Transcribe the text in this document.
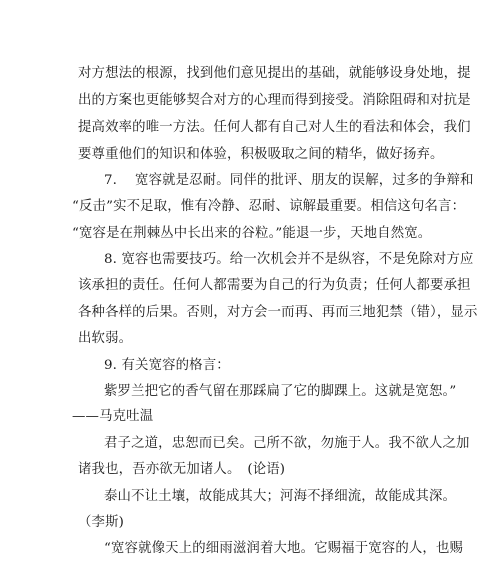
对方想法的根源，找到他们意见提出的基础，就能够设身处地，提
出的方案也更能够契合对方的心理而得到接受。消除阻碍和对抗是
提高效率的唯一方法。任何人都有自己对人生的看法和体会，我们
要尊重他们的知识和体验，积极吸取之间的精华，做好扬弃。
7.　 宽容就是忍耐。同伴的批评、朋友的误解，过多的争辩和
“反击”实不足取，惟有冷静、忍耐、谅解最重要。相信这句名言：
“宽容是在荆棘丛中长出来的谷粒。”能退一步，天地自然宽。
8. 宽容也需要技巧。给一次机会并不是纵容，不是免除对方应
该承担的责任。任何人都需要为自己的行为负责；任何人都要承担
各种各样的后果。否则，对方会一而再、再而三地犯禁（错），显示
出软弱。
9. 有关宽容的格言：
紫罗兰把它的香气留在那踩扁了它的脚踝上。这就是宽恕。”
——马克吐温
君子之道，忠恕而已矣。己所不欲，勿施于人。我不欲人之加
诸我也，吾亦欲无加诸人。　(论语)
泰山不让土壤，故能成其大；河海不择细流，故能成其深。
（李斯)
“宽容就像天上的细雨滋润着大地。它赐福于宽容的人，也赐
